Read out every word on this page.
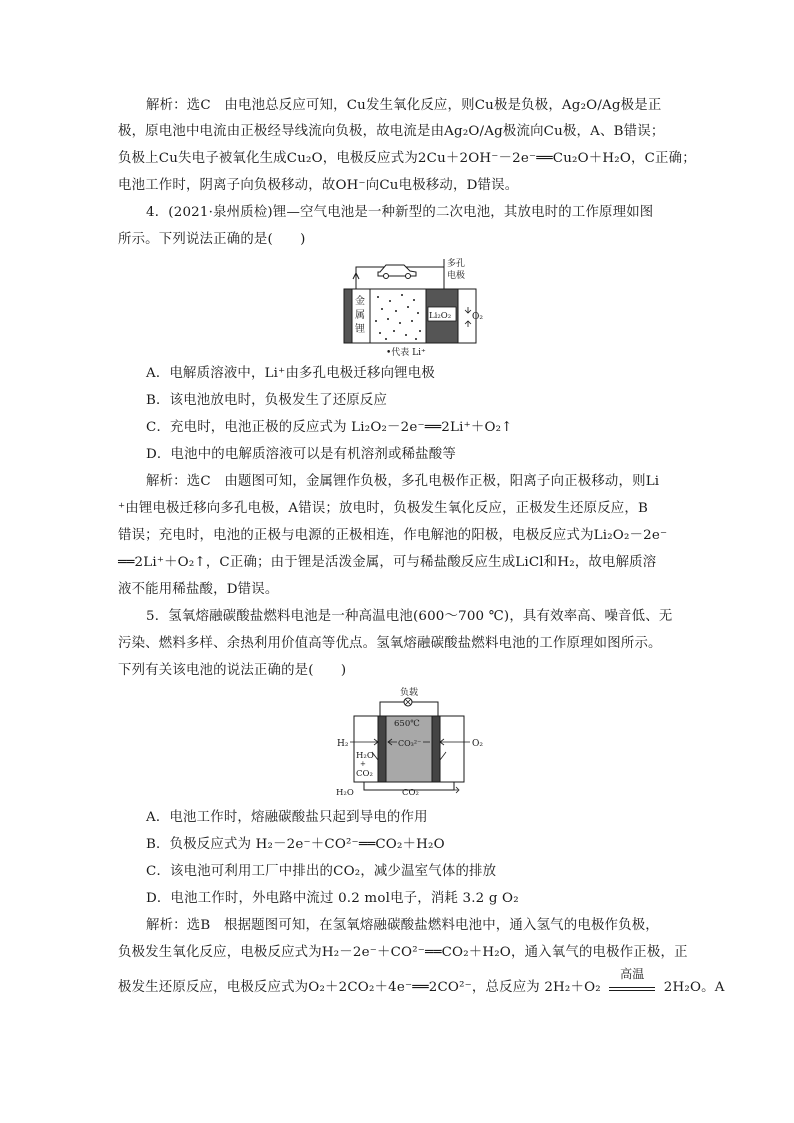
解析：选C　由电池总反应可知，Cu发生氧化反应，则Cu极是负极，Ag₂O/Ag极是正
极，原电池中电流由正极经导线流向负极，故电流是由Ag₂O/Ag极流向Cu极，A、B错误；
负极上Cu失电子被氧化生成Cu₂O，电极反应式为2Cu＋2OH⁻－2e⁻══Cu₂O＋H₂O，C正确；
电池工作时，阴离子向负极移动，故OH⁻向Cu电极移动，D错误。
4．(2021·泉州质检)锂—空气电池是一种新型的二次电池，其放电时的工作原理如图
所示。下列说法正确的是(　　)
金
属
锂
Li₂O₂ O₂
多孔
电极
•代表 Li⁺
A．电解质溶液中，Li⁺由多孔电极迁移向锂电极
B．该电池放电时，负极发生了还原反应
C．充电时，电池正极的反应式为 Li₂O₂－2e⁻══2Li⁺＋O₂↑
D．电池中的电解质溶液可以是有机溶剂或稀盐酸等
解析：选C　由题图可知，金属锂作负极，多孔电极作正极，阳离子向正极移动，则Li
⁺由锂电极迁移向多孔电极，A错误；放电时，负极发生氧化反应，正极发生还原反应，B
错误；充电时，电池的正极与电源的正极相连，作电解池的阳极，电极反应式为Li₂O₂－2e⁻
══2Li⁺＋O₂↑，C正确；由于锂是活泼金属，可与稀盐酸反应生成LiCl和H₂，故电解质溶
液不能用稀盐酸，D错误。
5．氢氧熔融碳酸盐燃料电池是一种高温电池(600～700 ℃)，具有效率高、噪音低、无
污染、燃料多样、余热利用价值高等优点。氢氧熔融碳酸盐燃料电池的工作原理如图所示。
下列有关该电池的说法正确的是(　　)
负载
650℃
CO₃²⁻
H₂
H₂O
+
CO₂
O₂
H₂O	CO₂
A．电池工作时，熔融碳酸盐只起到导电的作用
B．负极反应式为 H₂－2e⁻＋CO²⁻══CO₂＋H₂O
C．该电池可利用工厂中排出的CO₂，减少温室气体的排放
D．电池工作时，外电路中流过 0.2 mol电子，消耗 3.2 g O₂
解析：选B　根据题图可知，在氢氧熔融碳酸盐燃料电池中，通入氢气的电极作负极，
负极发生氧化反应，电极反应式为H₂－2e⁻＋CO²⁻══CO₂＋H₂O，通入氧气的电极作正极，正
极发生还原反应，电极反应式为O₂＋2CO₂＋4e⁻══2CO²⁻，总反应为 2H₂＋O₂
高温
2H₂O。A
